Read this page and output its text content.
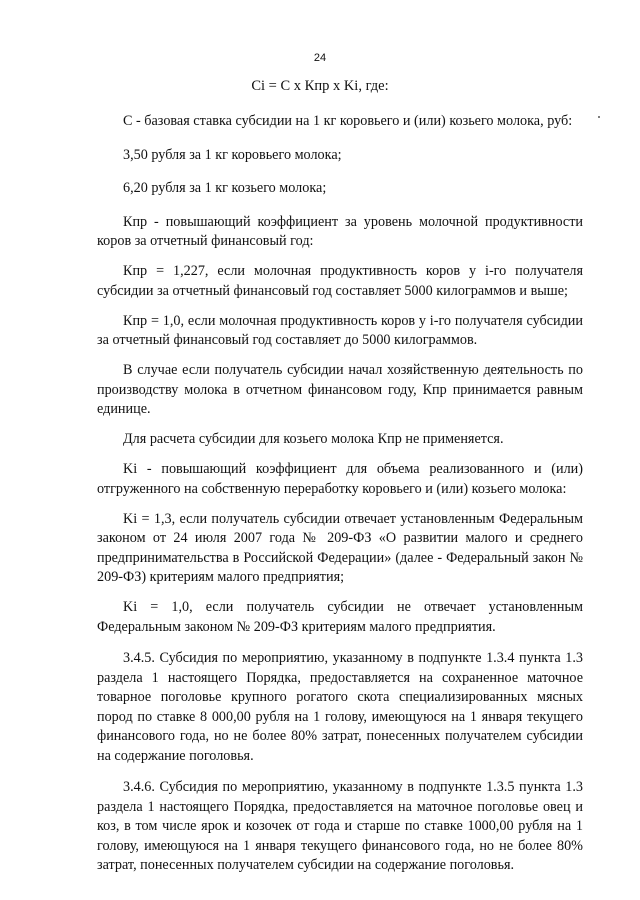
24
Ci = C x Кпр x Ki, где:

С - базовая ставка субсидии на 1 кг коровьего и (или) козьего молока, руб:

3,50 рубля за 1 кг коровьего молока;

6,20 рубля за 1 кг козьего молока;

Кпр - повышающий коэффициент за уровень молочной продуктивности коров за отчетный финансовый год:

Кпр = 1,227, если молочная продуктивность коров у i-го получателя субсидии за отчетный финансовый год составляет 5000 килограммов и выше;

Кпр = 1,0, если молочная продуктивность коров у i-го получателя субсидии за отчетный финансовый год составляет до 5000 килограммов.

В случае если получатель субсидии начал хозяйственную деятельность по производству молока в отчетном финансовом году, Кпр принимается равным единице.

Для расчета субсидии для козьего молока Кпр не применяется.

Ki - повышающий коэффициент для объема реализованного и (или) отгруженного на собственную переработку коровьего и (или) козьего молока:

Ki = 1,3, если получатель субсидии отвечает установленным Федеральным законом от 24 июля 2007 года № 209-ФЗ «О развитии малого и среднего предпринимательства в Российской Федерации» (далее - Федеральный закон № 209-ФЗ) критериям малого предприятия;

Ki = 1,0, если получатель субсидии не отвечает установленным Федеральным законом № 209-ФЗ критериям малого предприятия.

3.4.5. Субсидия по мероприятию, указанному в подпункте 1.3.4 пункта 1.3 раздела 1 настоящего Порядка, предоставляется на сохраненное маточное товарное поголовье крупного рогатого скота специализированных мясных пород по ставке 8 000,00 рубля на 1 голову, имеющуюся на 1 января текущего финансового года, но не более 80% затрат, понесенных получателем субсидии на содержание поголовья.

3.4.6. Субсидия по мероприятию, указанному в подпункте 1.3.5 пункта 1.3 раздела 1 настоящего Порядка, предоставляется на маточное поголовье овец и коз, в том числе ярок и козочек от года и старше по ставке 1000,00 рубля на 1 голову, имеющуюся на 1 января текущего финансового года, но не более 80% затрат, понесенных получателем субсидии на содержание поголовья.
